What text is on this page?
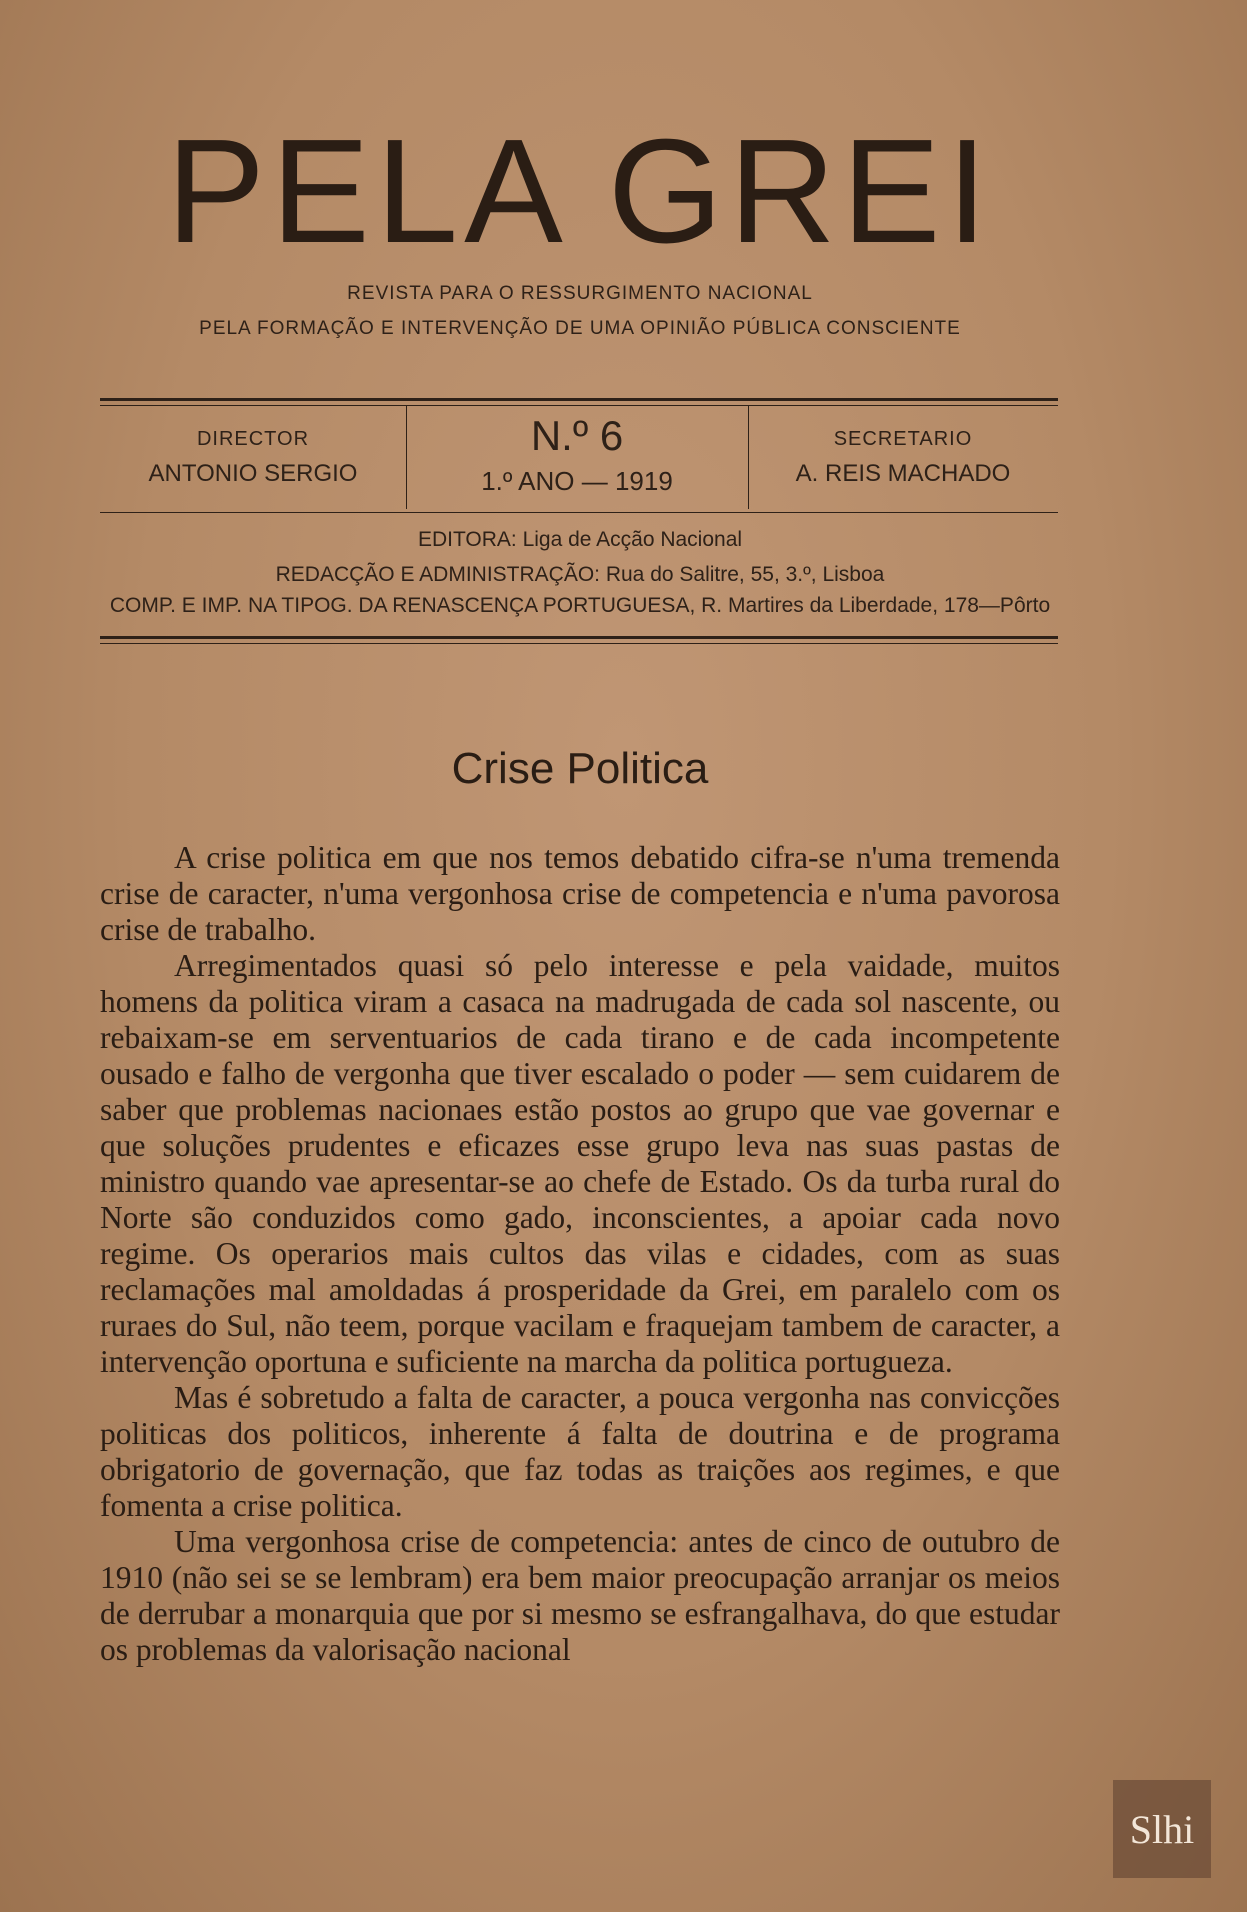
PELA GREI
REVISTA PARA O RESSURGIMENTO NACIONAL
PELA FORMAÇÃO E INTERVENÇÃO DE UMA OPINIÃO PÚBLICA CONSCIENTE
DIRECTOR
ANTONIO SERGIO
N.º 6
1.º ANO — 1919
SECRETARIO
A. REIS MACHADO
EDITORA: Liga de Acção Nacional
REDACÇÃO E ADMINISTRAÇÃO: Rua do Salitre, 55, 3.º, Lisboa
COMP. E IMP. NA TIPOG. DA RENASCENÇA PORTUGUESA, R. Martires da Liberdade, 178—Pôrto
Crise Politica

A crise politica em que nos temos debatido cifra-se n'uma tremenda crise de caracter, n'uma vergonhosa crise de competencia e n'uma pavorosa crise de trabalho.

Arregimentados quasi só pelo interesse e pela vaidade, muitos homens da politica viram a casaca na madrugada de cada sol nascente, ou rebaixam-se em serventuarios de cada tirano e de cada incompetente ousado e falho de vergonha que tiver escalado o poder — sem cuidarem de saber que problemas nacionaes estão postos ao grupo que vae governar e que soluções prudentes e eficazes esse grupo leva nas suas pastas de ministro quando vae apresentar-se ao chefe de Estado. Os da turba rural do Norte são conduzidos como gado, inconscientes, a apoiar cada novo regime. Os operarios mais cultos das vilas e cidades, com as suas reclamações mal amoldadas á prosperidade da Grei, em paralelo com os ruraes do Sul, não teem, porque vacilam e fraquejam tambem de caracter, a intervenção oportuna e suficiente na marcha da politica portugueza.

Mas é sobretudo a falta de caracter, a pouca vergonha nas convicções politicas dos politicos, inherente á falta de doutrina e de programa obrigatorio de governação, que faz todas as traições aos regimes, e que fomenta a crise politica.

Uma vergonhosa crise de competencia: antes de cinco de outubro de 1910 (não sei se se lembram) era bem maior preocupação arranjar os meios de derrubar a monarquia que por si mesmo se esfrangalhava, do que estudar os problemas da valorisação nacional

Slhi
